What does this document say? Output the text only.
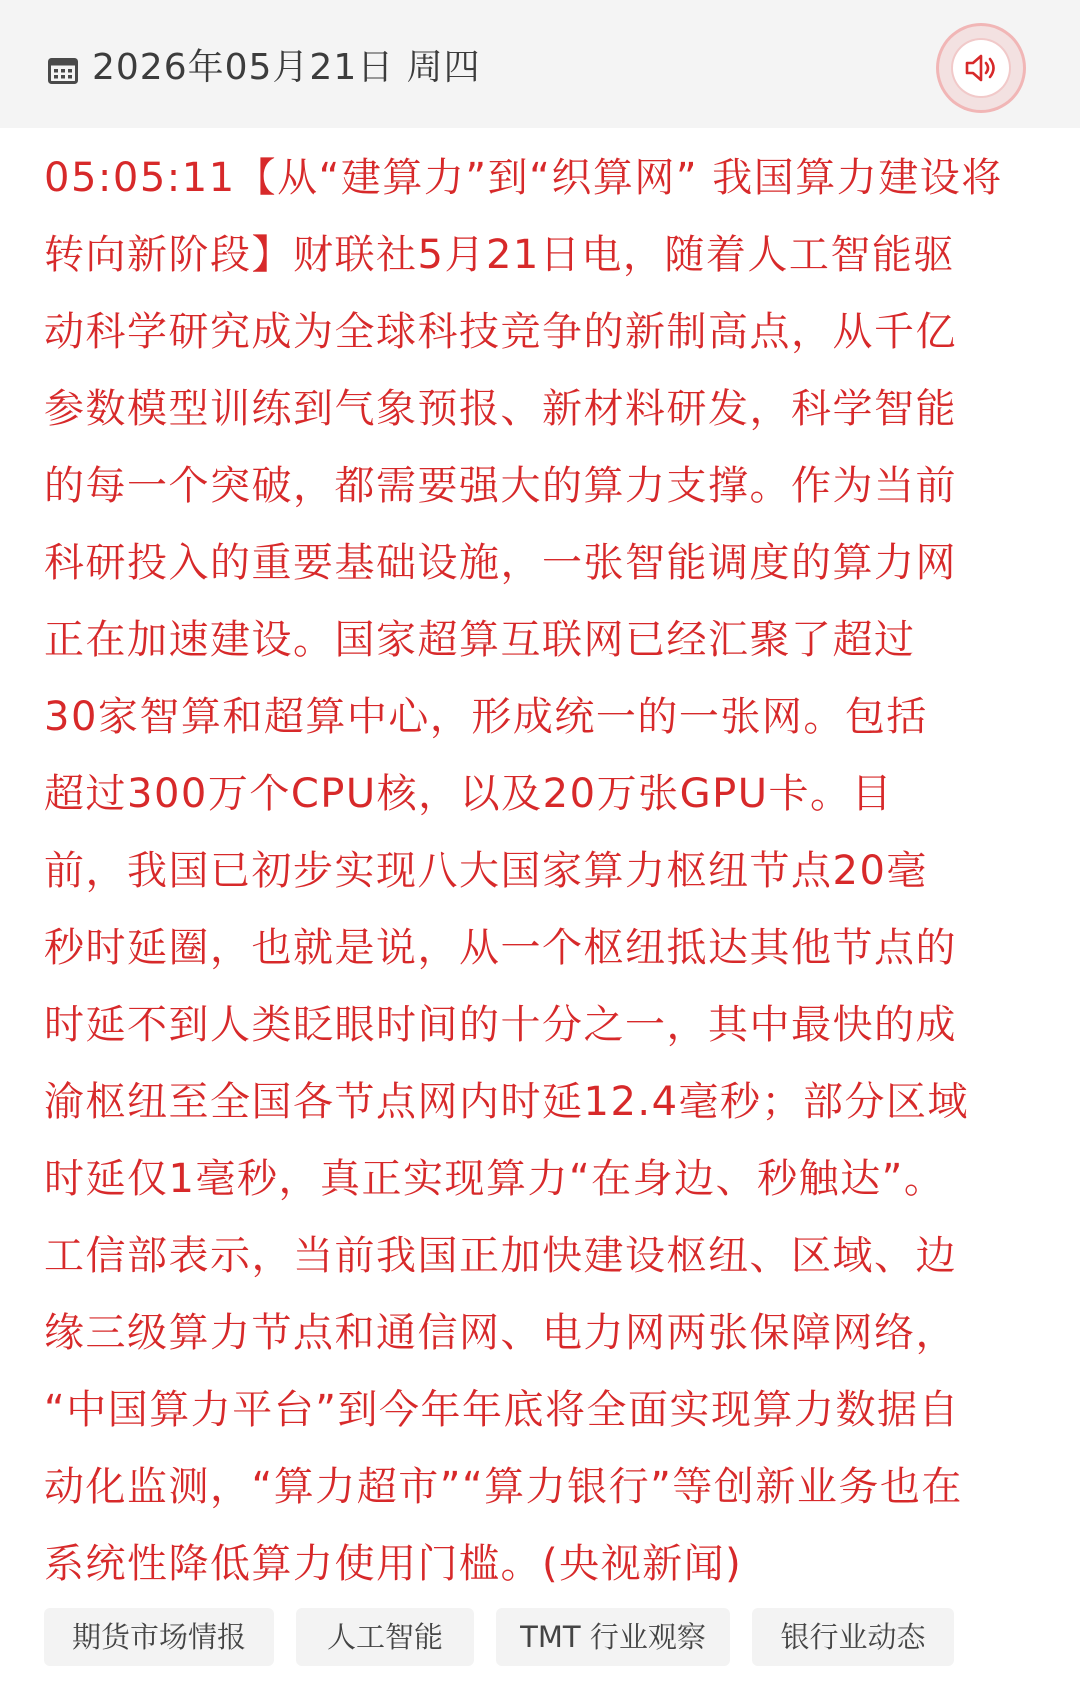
2026年05月21日 周四
05:05:11【从“建算力”到“织算网” 我国算力建设将
转向新阶段】财联社5月21日电，随着人工智能驱
动科学研究成为全球科技竞争的新制高点，从千亿
参数模型训练到气象预报、新材料研发，科学智能
的每一个突破，都需要强大的算力支撑。作为当前
科研投入的重要基础设施，一张智能调度的算力网
正在加速建设。国家超算互联网已经汇聚了超过
30家智算和超算中心，形成统一的一张网。包括
超过300万个CPU核，以及20万张GPU卡。目
前，我国已初步实现八大国家算力枢纽节点20毫
秒时延圈，也就是说，从一个枢纽抵达其他节点的
时延不到人类眨眼时间的十分之一，其中最快的成
渝枢纽至全国各节点网内时延12.4毫秒；部分区域
时延仅1毫秒，真正实现算力“在身边、秒触达”。
工信部表示，当前我国正加快建设枢纽、区域、边
缘三级算力节点和通信网、电力网两张保障网络，
“中国算力平台”到今年年底将全面实现算力数据自
动化监测，“算力超市”“算力银行”等创新业务也在
系统性降低算力使用门槛。(央视新闻)
期货市场情报	人工智能	TMT 行业观察	银行业动态
